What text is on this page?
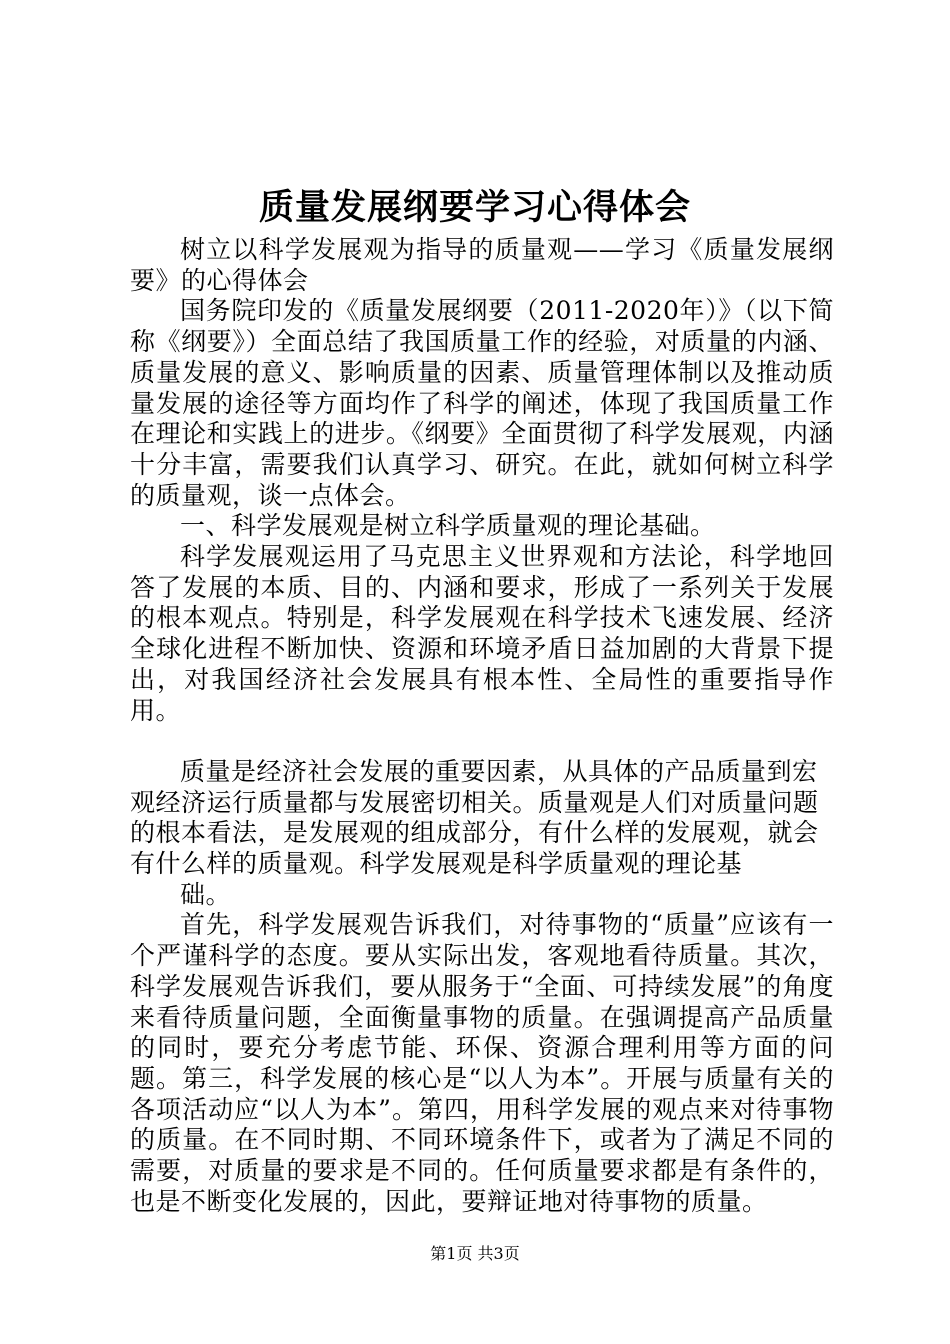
质量发展纲要学习心得体会

树立以科学发展观为指导的质量观——学习《质量发展纲要》的心得体会

国务院印发的《质量发展纲要（2011-2020年）》（以下简称《纲要》）全面总结了我国质量工作的经验，对质量的内涵、质量发展的意义、影响质量的因素、质量管理体制以及推动质量发展的途径等方面均作了科学的阐述，体现了我国质量工作在理论和实践上的进步。《纲要》全面贯彻了科学发展观，内涵十分丰富，需要我们认真学习、研究。在此，就如何树立科学的质量观，谈一点体会。

一、科学发展观是树立科学质量观的理论基础。

科学发展观运用了马克思主义世界观和方法论，科学地回答了发展的本质、目的、内涵和要求，形成了一系列关于发展的根本观点。特别是，科学发展观在科学技术飞速发展、经济全球化进程不断加快、资源和环境矛盾日益加剧的大背景下提出，对我国经济社会发展具有根本性、全局性的重要指导作用。

质量是经济社会发展的重要因素，从具体的产品质量到宏观经济运行质量都与发展密切相关。质量观是人们对质量问题的根本看法，是发展观的组成部分，有什么样的发展观，就会有什么样的质量观。科学发展观是科学质量观的理论基

础。

首先，科学发展观告诉我们，对待事物的“质量”应该有一个严谨科学的态度。要从实际出发，客观地看待质量。其次，科学发展观告诉我们，要从服务于“全面、可持续发展”的角度来看待质量问题，全面衡量事物的质量。在强调提高产品质量的同时，要充分考虑节能、环保、资源合理利用等方面的问题。第三，科学发展的核心是“以人为本”。开展与质量有关的各项活动应“以人为本”。第四，用科学发展的观点来对待事物的质量。在不同时期、不同环境条件下，或者为了满足不同的需要，对质量的要求是不同的。任何质量要求都是有条件的，也是不断变化发展的，因此，要辩证地对待事物的质量。

第1页 共3页
